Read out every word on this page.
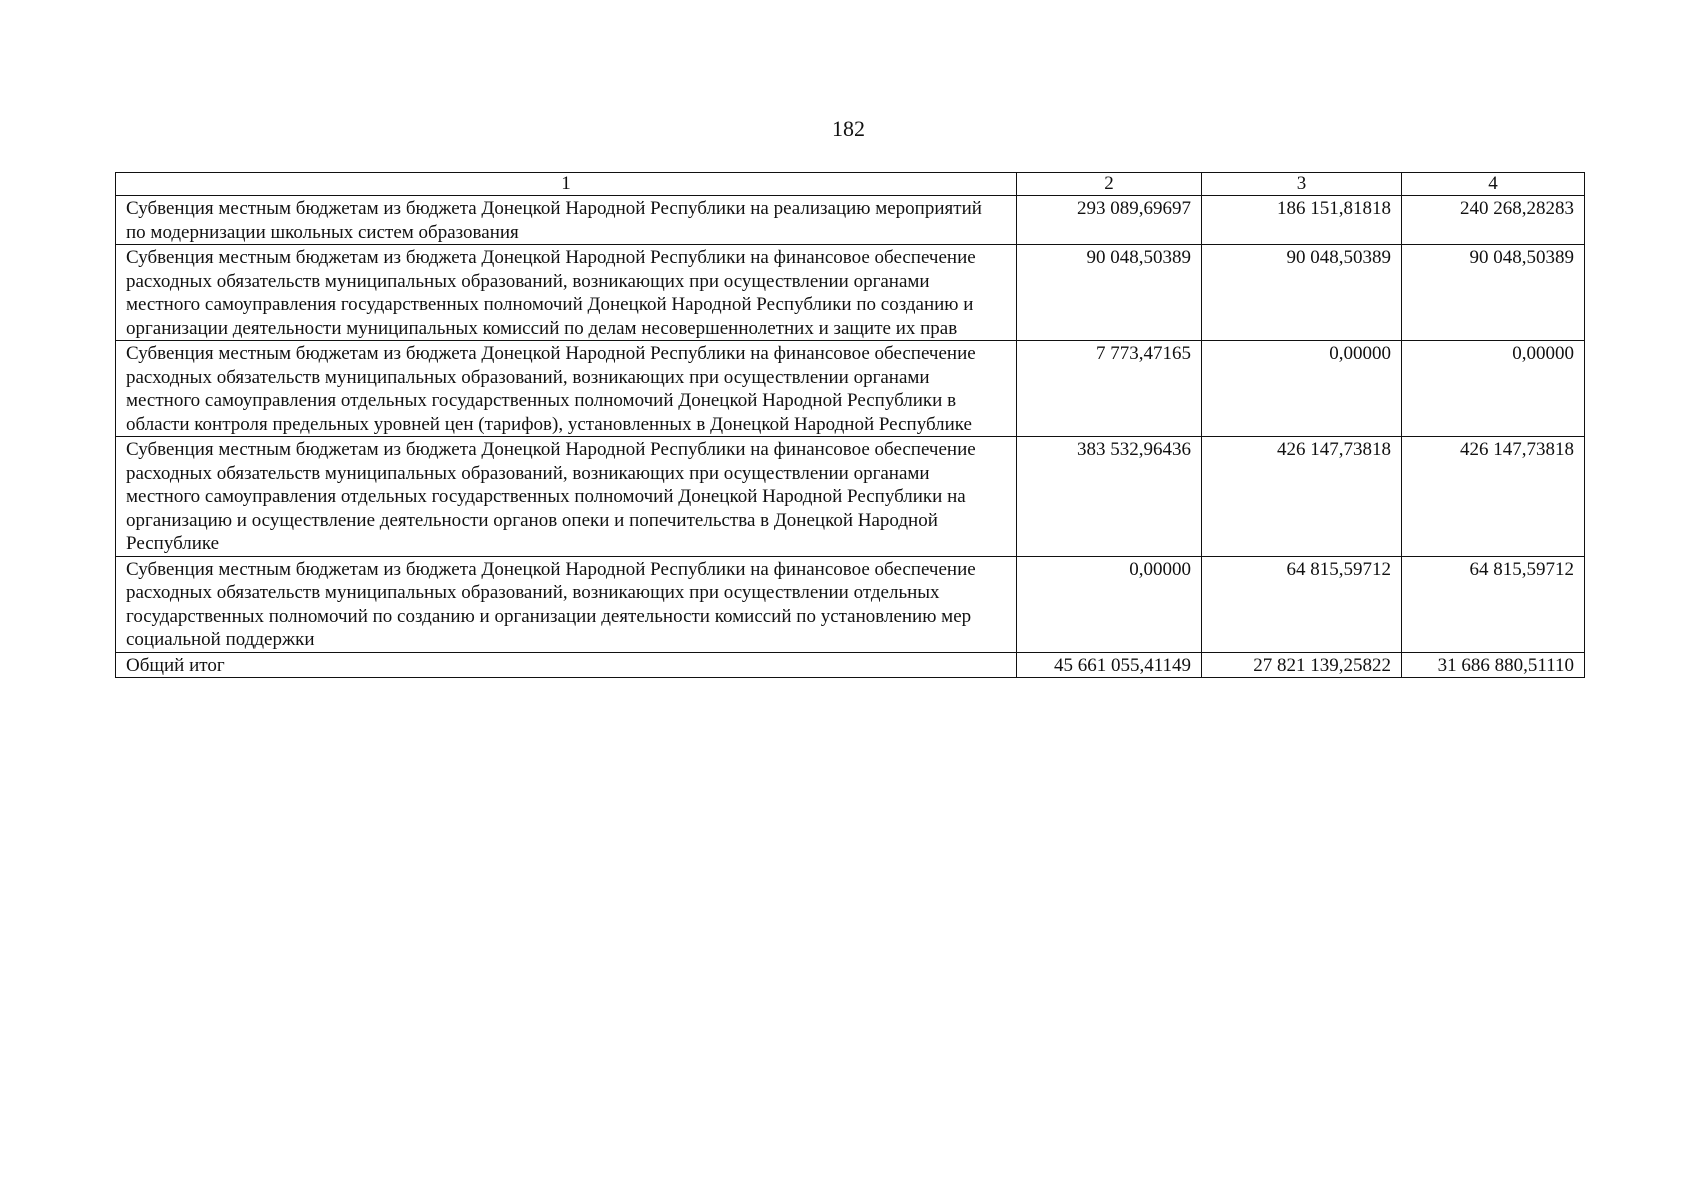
182
1	2	3	4
Субвенция местным бюджетам из бюджета Донецкой Народной Республики на реализацию мероприятий по модернизации школьных систем образования	293 089,69697	186 151,81818	240 268,28283
Субвенция местным бюджетам из бюджета Донецкой Народной Республики на финансовое обеспечение расходных обязательств муниципальных образований, возникающих при осуществлении органами местного самоуправления государственных полномочий Донецкой Народной Республики по созданию и организации деятельности муниципальных комиссий по делам несовершеннолетних и защите их прав	90 048,50389	90 048,50389	90 048,50389
Субвенция местным бюджетам из бюджета Донецкой Народной Республики на финансовое обеспечение расходных обязательств муниципальных образований, возникающих при осуществлении органами местного самоуправления отдельных государственных полномочий Донецкой Народной Республики в области контроля предельных уровней цен (тарифов), установленных в Донецкой Народной Республике	7 773,47165	0,00000	0,00000
Субвенция местным бюджетам из бюджета Донецкой Народной Республики на финансовое обеспечение расходных обязательств муниципальных образований, возникающих при осуществлении органами местного самоуправления отдельных государственных полномочий Донецкой Народной Республики на организацию и осуществление деятельности органов опеки и попечительства в Донецкой Народной Республике	383 532,96436	426 147,73818	426 147,73818
Субвенция местным бюджетам из бюджета Донецкой Народной Республики на финансовое обеспечение расходных обязательств муниципальных образований, возникающих при осуществлении отдельных государственных полномочий по созданию и организации деятельности комиссий по установлению мер социальной поддержки	0,00000	64 815,59712	64 815,59712
Общий итог	45 661 055,41149	27 821 139,25822	31 686 880,51110
